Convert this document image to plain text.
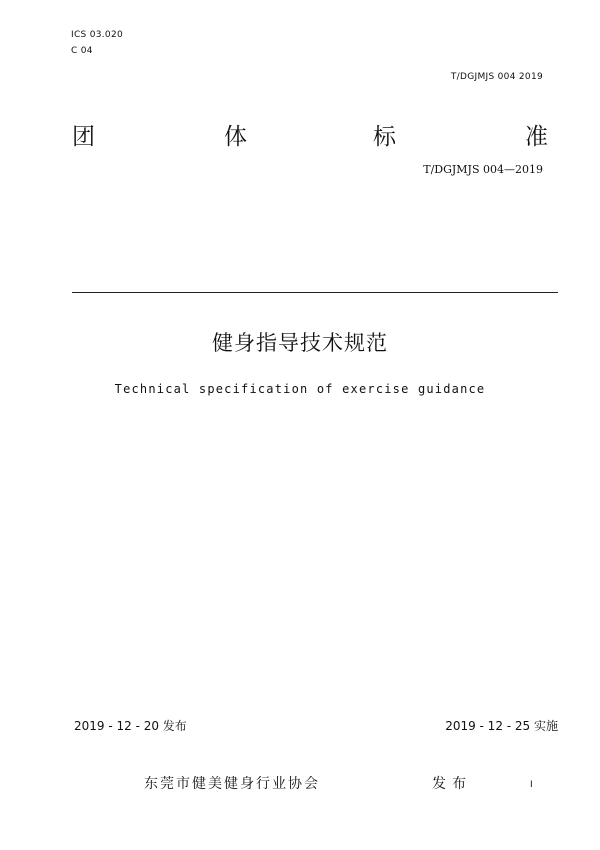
ICS 03.020
C 04
T/DGJMJS 004 2019
团	体	标	准
T/DGJMJS 004—2019
健身指导技术规范
Technical specification of exercise guidance
2019 - 12 - 20 发布	2019 - 12 - 25 实施
东莞市健美健身行业协会	发布	I
